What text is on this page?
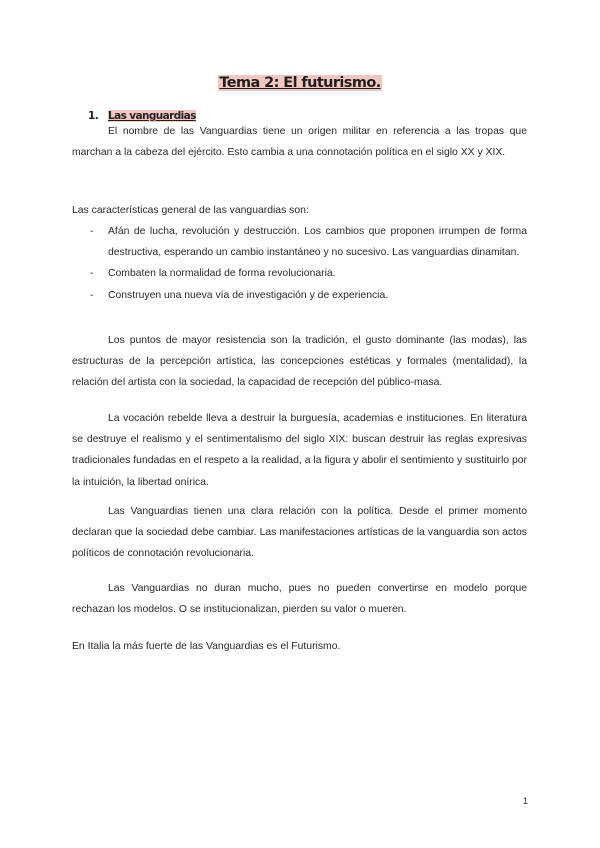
Tema 2: El futurismo.
1. Las vanguardias

El nombre de las Vanguardias tiene un origen militar en referencia a las tropas que marchan a la cabeza del ejército. Esto cambia a una connotación política en el siglo XX y XIX.

Las características general de las vanguardias son:

- Afán de lucha, revolución y destrucción. Los cambios que proponen irrumpen de forma destructiva, esperando un cambio instantáneo y no sucesivo. Las vanguardias dinamitan.
- Combaten la normalidad de forma revolucionaria.
- Construyen una nueva vía de investigación y de experiencia.

Los puntos de mayor resistencia son la tradición, el gusto dominante (las modas), las estructuras de la percepción artística, las concepciones estéticas y formales (mentalidad), la relación del artista con la sociedad, la capacidad de recepción del público-masa.

La vocación rebelde lleva a destruir la burguesía, academias e instituciones. En literatura se destruye el realismo y el sentimentalismo del siglo XIX: buscan destruir las reglas expresivas tradicionales fundadas en el respeto a la realidad, a la figura y abolir el sentimiento y sustituirlo por la intuición, la libertad onírica.

Las Vanguardias tienen una clara relación con la política. Desde el primer momento declaran que la sociedad debe cambiar. Las manifestaciones artísticas de la vanguardia son actos políticos de connotación revolucionaria.

Las Vanguardias no duran mucho, pues no pueden convertirse en modelo porque rechazan los modelos. O se institucionalizan, pierden su valor o mueren.

En Italia la más fuerte de las Vanguardias es el Futurismo.

1
